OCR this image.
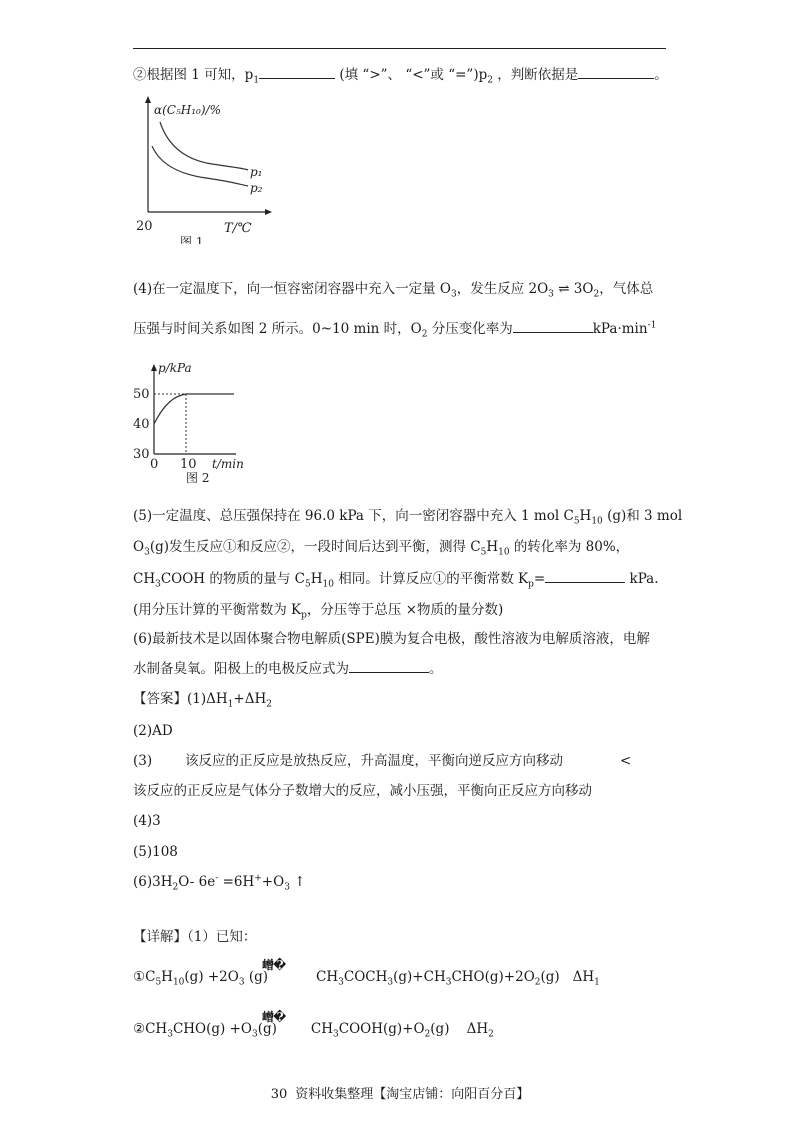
②根据图 1 可知，$p_1$	(填 “>”、 “<”或 “$=”)p_2$ ，判断依据是	。
α(C₅H₁₀)/%
p₁
p₂
20	T/℃
图 1
(4)在一定温度下，向一恒容密闭容器中充入一定量 $O_3$，发生反应 $2O_3$ ⇌ $3O_2$，气体总
压强与时间关系如图 2 所示。0~10 min 时，$O_2$ 分压变化率为	$kPa\cdot\min^{-1}$
p/kPa
50
40
30
0 10 t/min
图 2
(5)一定温度、总压强保持在 96.0 kPa 下，向一密闭容器中充入 1 mol $C_5H_{10}$ (g)和 3 mol
$O_3(g)$发生反应①和反应②，一段时间后达到平衡，测得 $C_5H_{10}$ 的转化率为 80%，
$CH_3COOH$ 的物质的量与 $C_5H_{10}$ 相同。计算反应①的平衡常数 $K_p=$	kPa.
(用分压计算的平衡常数为 $K_p$，分压等于总压 ×物质的量分数)
(6)最新技术是以固体聚合物电解质(SPE)膜为复合电极，酸性溶液为电解质溶液，电解
水制备臭氧。阳极上的电极反应式为	。
【答案】$(1)\Delta H_1+\Delta H_2$
(2)AD
(3) 该反应的正反应是放热反应，升高温度，平衡向逆反应方向移动	<
该反应的正反应是气体分子数增大的反应，减小压强，平衡向正反应方向移动
(4)3
(5)108
$(6)3H_2O-$ $6e^- =6H^++O_3$ ↑
【详解】（1）已知：
嶒�
$①C_5H_{10}(g) +2O_3$ (g)	$CH_3COCH_3(g)+CH_3CHO(g)+2O_2(g)$ $\Delta H_1$
嶒�
$②CH_3CHO(g) +O_3(g)$	$CH_3COOH(g)+O_2(g)$ $\Delta H_2$
30 资料收集整理【淘宝店铺：向阳百分百】
